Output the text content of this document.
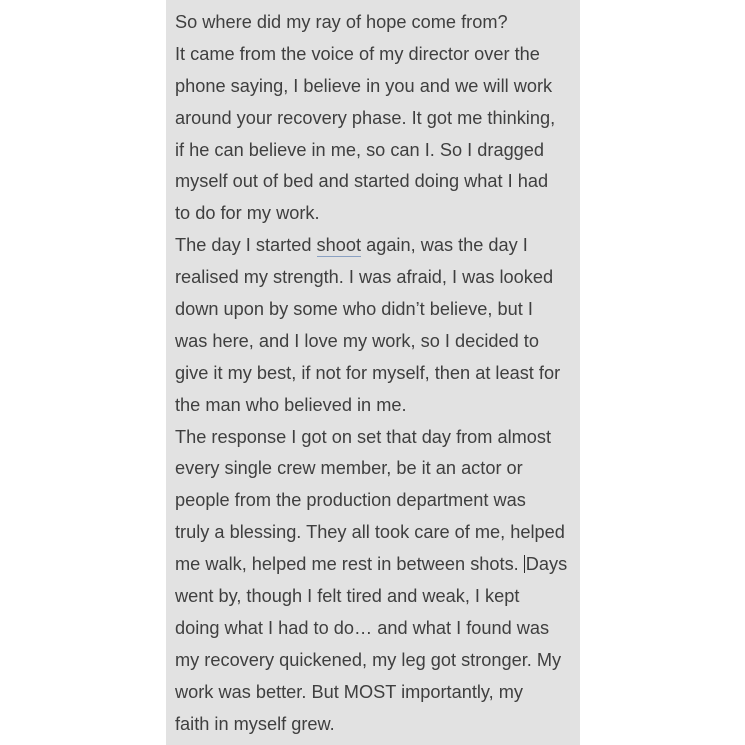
So where did my ray of hope come from?
It came from the voice of my director over the
phone saying, I believe in you and we will work
around your recovery phase. It got me thinking,
if he can believe in me, so can I. So I dragged
myself out of bed and started doing what I had
to do for my work.
The day I started shoot again, was the day I
realised my strength. I was afraid, I was looked
down upon by some who didn’t believe, but I
was here, and I love my work, so I decided to
give it my best, if not for myself, then at least for
the man who believed in me.
The response I got on set that day from almost
every single crew member, be it an actor or
people from the production department was
truly a blessing. They all took care of me, helped
me walk, helped me rest in between shots. Days
went by, though I felt tired and weak, I kept
doing what I had to do… and what I found was
my recovery quickened, my leg got stronger. My
work was better. But MOST importantly, my
faith in myself grew.
